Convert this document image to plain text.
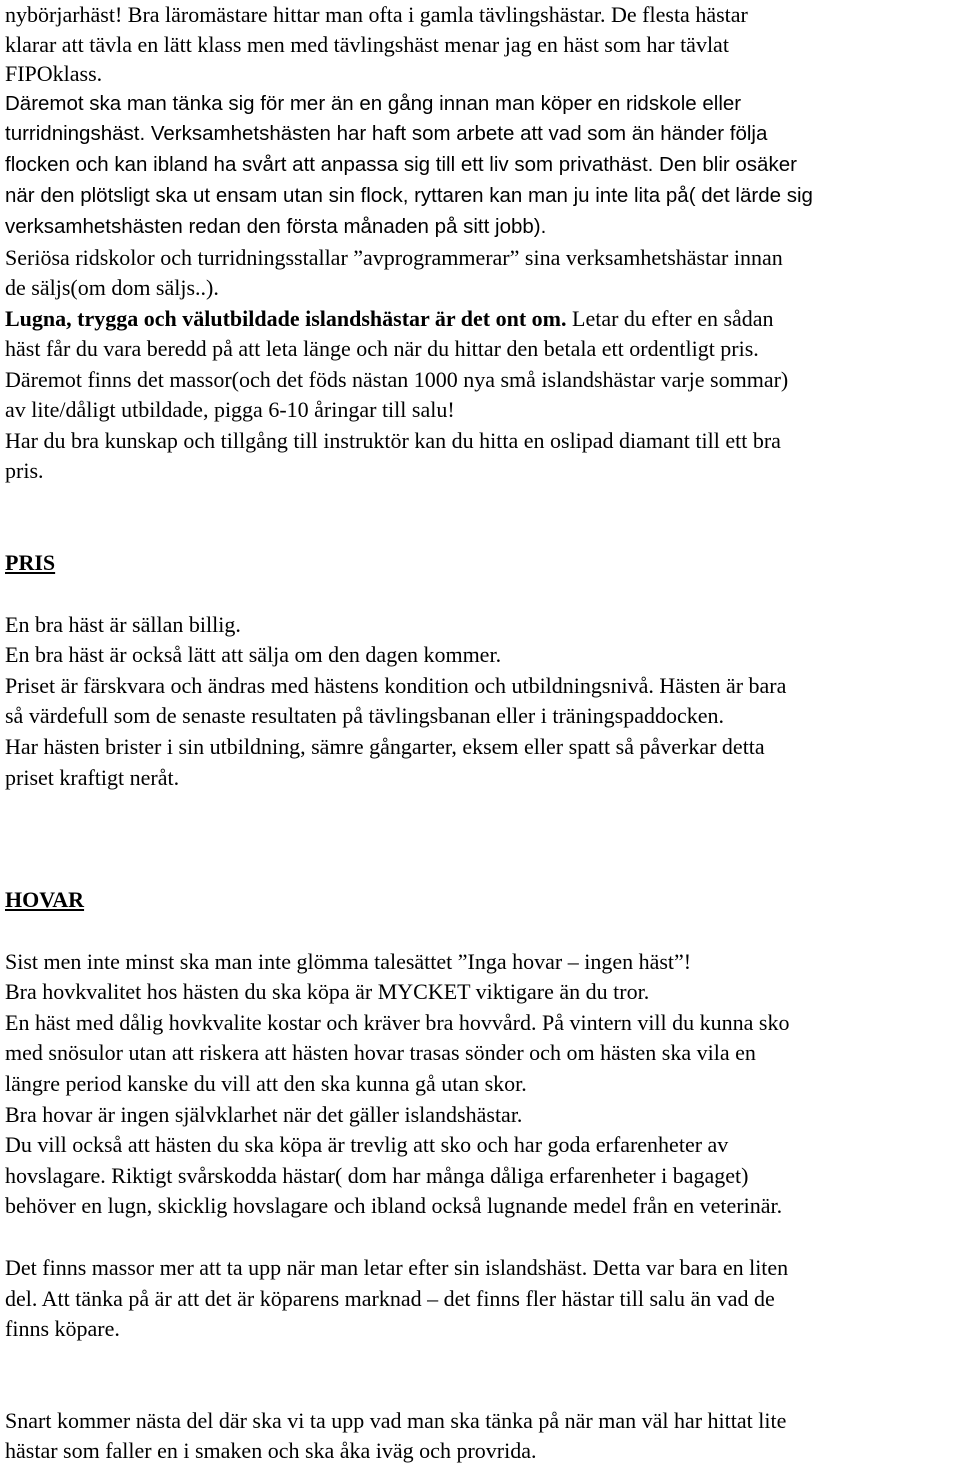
nybörjarhäst! Bra läromästare hittar man ofta i gamla tävlingshästar. De flesta hästar
klarar att tävla en lätt klass men med tävlingshäst menar jag en häst som har tävlat
FIPOklass.
Däremot ska man tänka sig för mer än en gång innan man köper en ridskole eller
turridningshäst. Verksamhetshästen har haft som arbete att vad som än händer följa
flocken och kan ibland ha svårt att anpassa sig till ett liv som privathäst. Den blir osäker
när den plötsligt ska ut ensam utan sin flock, ryttaren kan man ju inte lita på( det lärde sig
verksamhetshästen redan den första månaden på sitt jobb).
Seriösa ridskolor och turridningsstallar ”avprogrammerar” sina verksamhetshästar innan
de säljs(om dom säljs..).
Lugna, trygga och välutbildade islandshästar är det ont om. Letar du efter en sådan
häst får du vara beredd på att leta länge och när du hittar den betala ett ordentligt pris.
Däremot finns det massor(och det föds nästan 1000 nya små islandshästar varje sommar)
av lite/dåligt utbildade, pigga 6-10 åringar till salu!
Har du bra kunskap och tillgång till instruktör kan du hitta en oslipad diamant till ett bra
pris.
PRIS
En bra häst är sällan billig.
En bra häst är också lätt att sälja om den dagen kommer.
Priset är färskvara och ändras med hästens kondition och utbildningsnivå. Hästen är bara
så värdefull som de senaste resultaten på tävlingsbanan eller i träningspaddocken.
Har hästen brister i sin utbildning, sämre gångarter, eksem eller spatt så påverkar detta
priset kraftigt neråt.
HOVAR
Sist men inte minst ska man inte glömma talesättet ”Inga hovar – ingen häst”!
Bra hovkvalitet hos hästen du ska köpa är MYCKET viktigare än du tror.
En häst med dålig hovkvalite kostar och kräver bra hovvård. På vintern vill du kunna sko
med snösulor utan att riskera att hästen hovar trasas sönder och om hästen ska vila en
längre period kanske du vill att den ska kunna gå utan skor.
Bra hovar är ingen självklarhet när det gäller islandshästar.
Du vill också att hästen du ska köpa är trevlig att sko och har goda erfarenheter av
hovslagare. Riktigt svårskodda hästar( dom har många dåliga erfarenheter i bagaget)
behöver en lugn, skicklig hovslagare och ibland också lugnande medel från en veterinär.
Det finns massor mer att ta upp när man letar efter sin islandshäst. Detta var bara en liten
del. Att tänka på är att det är köparens marknad – det finns fler hästar till salu än vad de
finns köpare.
Snart kommer nästa del där ska vi ta upp vad man ska tänka på när man väl har hittat lite
hästar som faller en i smaken och ska åka iväg och provrida.
